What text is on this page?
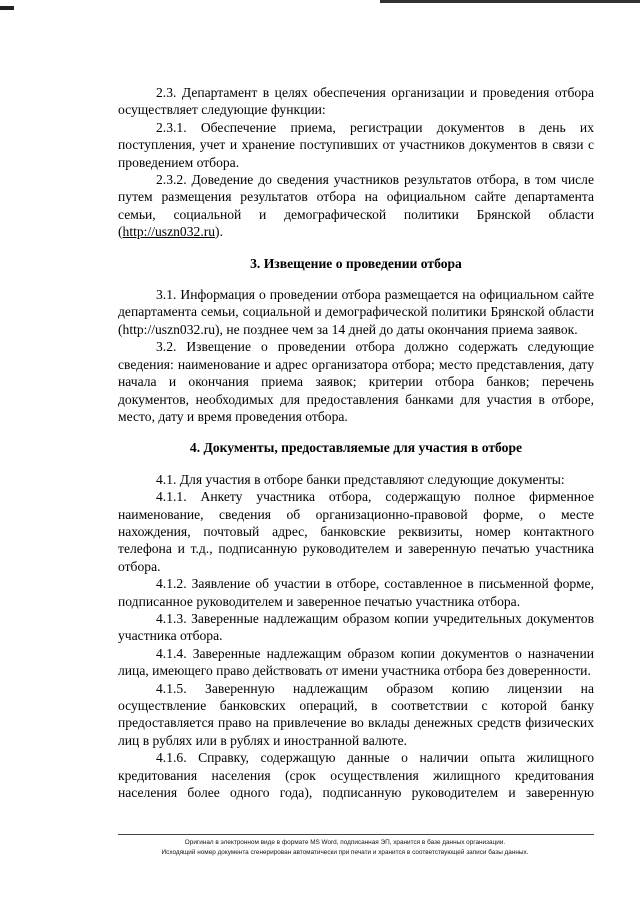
2.3. Департамент в целях обеспечения организации и проведения отбора осуществляет следующие функции:

2.3.1. Обеспечение приема, регистрации документов в день их поступления, учет и хранение поступивших от участников документов в связи с проведением отбора.

2.3.2. Доведение до сведения участников результатов отбора, в том числе путем размещения результатов отбора на официальном сайте департамента семьи, социальной и демографической политики Брянской области (http://uszn032.ru).

3. Извещение о проведении отбора

3.1. Информация о проведении отбора размещается на официальном сайте департамента семьи, социальной и демографической политики Брянской области (http://uszn032.ru), не позднее чем за 14 дней до даты окончания приема заявок.

3.2. Извещение о проведении отбора должно содержать следующие сведения: наименование и адрес организатора отбора; место представления, дату начала и окончания приема заявок; критерии отбора банков; перечень документов, необходимых для предоставления банками для участия в отборе, место, дату и время проведения отбора.

4. Документы, предоставляемые для участия в отборе

4.1. Для участия в отборе банки представляют следующие документы:

4.1.1. Анкету участника отбора, содержащую полное фирменное наименование, сведения об организационно-правовой форме, о месте нахождения, почтовый адрес, банковские реквизиты, номер контактного телефона и т.д., подписанную руководителем и заверенную печатью участника отбора.

4.1.2. Заявление об участии в отборе, составленное в письменной форме, подписанное руководителем и заверенное печатью участника отбора.

4.1.3. Заверенные надлежащим образом копии учредительных документов участника отбора.

4.1.4. Заверенные надлежащим образом копии документов о назначении лица, имеющего право действовать от имени участника отбора без доверенности.

4.1.5. Заверенную надлежащим образом копию лицензии на осуществление банковских операций, в соответствии с которой банку предоставляется право на привлечение во вклады денежных средств физических лиц в рублях или в рублях и иностранной валюте.

4.1.6. Справку, содержащую данные о наличии опыта жилищного кредитования населения (срок осуществления жилищного кредитования населения более одного года), подписанную руководителем и заверенную

Оригинал в электронном виде в формате MS Word, подписанная ЭП, хранится в базе данных организации.
Исходящий номер документа сгенерирован автоматически при печати и хранится в соответствующей записи базы данных.
